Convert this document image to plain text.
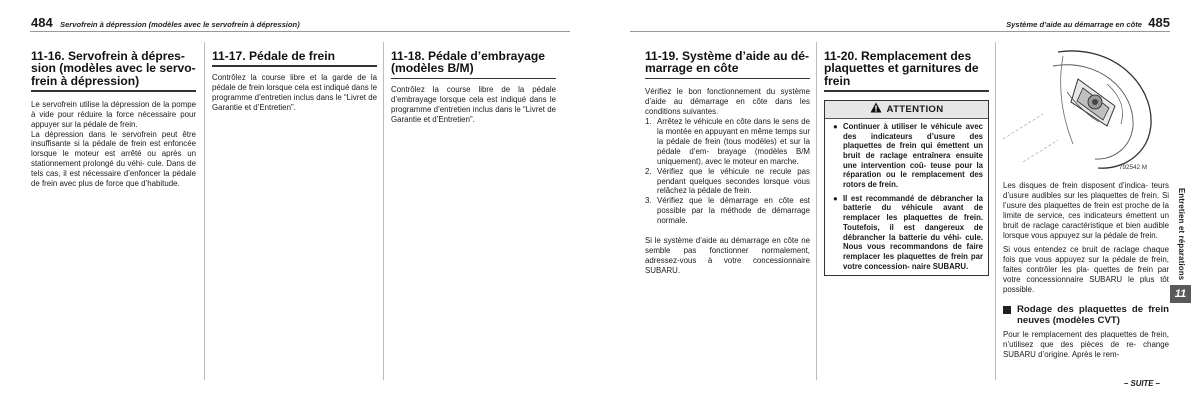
484 Servofrein à dépression (modèles avec le servofrein à dépression)	Système d’aide au démarrage en côte 485
11-16. Servofrein à dépres-
sion (modèles avec le servo-
frein à dépression)

Le servofrein utilise la dépression de la pompe à vide pour réduire la force nécessaire pour appuyer sur la pédale de frein.

La dépression dans le servofrein peut être insuffisante si la pédale de frein est enfoncée lorsque le moteur est arrêté ou après un stationnement prolongé du véhi- cule. Dans de tels cas, il est nécessaire d’enfoncer la pédale de frein avec plus de force que d’habitude.

11-17. Pédale de frein

Contrôlez la course libre et la garde de la pédale de frein lorsque cela est indiqué dans le programme d’entretien inclus dans le “Livret de Garantie et d’Entretien”.

11-18. Pédale d’embrayage
(modèles B/M)

Contrôlez la course libre de la pédale d’embrayage lorsque cela est indiqué dans le programme d’entretien inclus dans le “Livret de Garantie et d’Entretien”.

11-19. Système d’aide au dé-
marrage en côte

Vérifiez le bon fonctionnement du système d’aide au démarrage en côte dans les conditions suivantes.

1. Arrêtez le véhicule en côte dans le sens de la montée en appuyant en même temps sur la pédale de frein (tous modèles) et sur la pédale d’em- brayage (modèles B/M uniquement), avec le moteur en marche.
2. Vérifiez que le véhicule ne recule pas pendant quelques secondes lorsque vous relâchez la pédale de frein.
3. Vérifiez que le démarrage en côte est possible par la méthode de démarrage normale.

Si le système d’aide au démarrage en côte ne semble pas fonctionner normalement, adressez-vous à votre concessionnaire SUBARU.

11-20. Remplacement des
plaquettes et garnitures de
frein
ATTENTION
● Continuer à utiliser le véhicule avec des indicateurs d’usure des plaquettes de frein qui émettent un bruit de raclage entraînera ensuite une intervention coû- teuse pour la réparation ou le remplacement des rotors de frein.
● Il est recommandé de débrancher la batterie du véhicule avant de remplacer les plaquettes de frein. Toutefois, il est dangereux de débrancher la batterie du véhi- cule. Nous vous recommandons de faire remplacer les plaquettes de frein par votre concession- naire SUBARU.
792542 M

Les disques de frein disposent d’indica- teurs d’usure audibles sur les plaquettes de frein. Si l’usure des plaquettes de frein est proche de la limite de service, ces indicateurs émettent un bruit de raclage caractéristique et bien audible lorsque vous appuyez sur la pédale de frein.

Si vous entendez ce bruit de raclage chaque fois que vous appuyez sur la pédale de frein, faites contrôler les pla- quettes de frein par votre concessionnaire SUBARU le plus tôt possible.

Rodage des plaquettes de frein neuves (modèles CVT)

Pour le remplacement des plaquettes de frein, n’utilisez que des pièces de re- change SUBARU d’origine. Après le rem-

– SUITE –
Entretien et réparations
11
